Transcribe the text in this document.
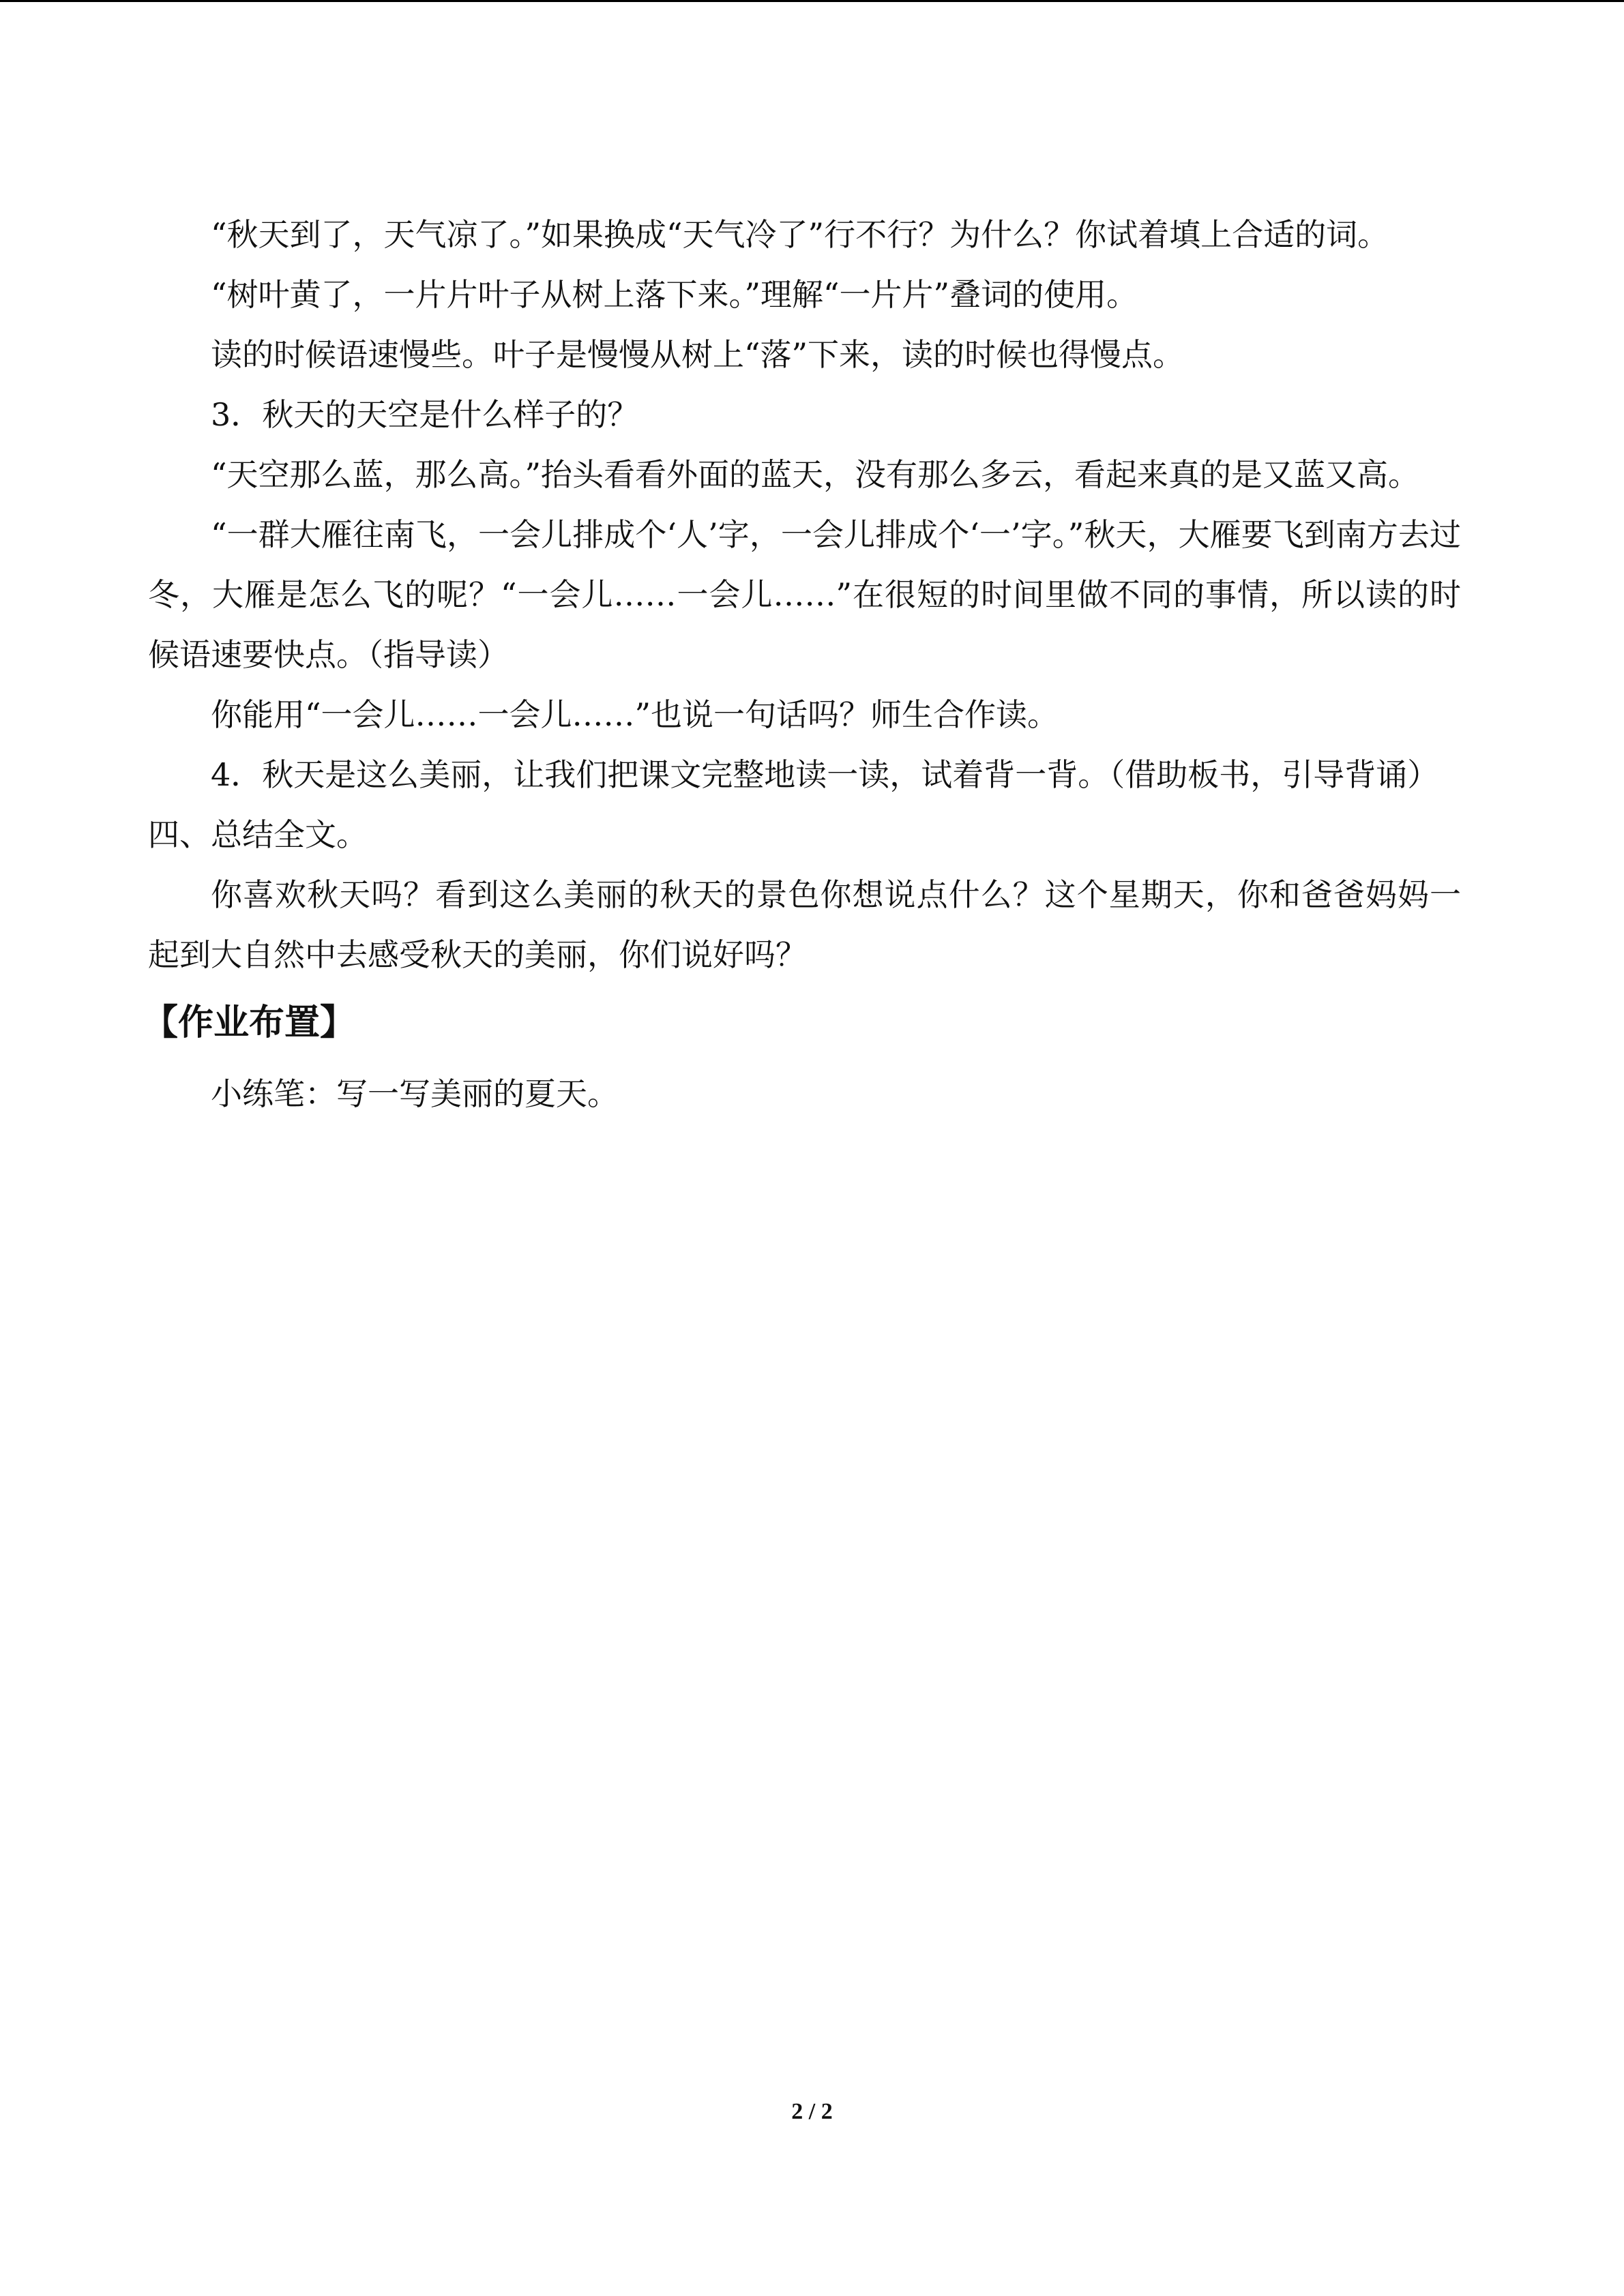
“秋天到了，天气凉了。”如果换成“天气冷了”行不行？为什么？你试着填上合适的词。

“树叶黄了，一片片叶子从树上落下来。”理解“一片片”叠词的使用。

读的时候语速慢些。叶子是慢慢从树上“落”下来，读的时候也得慢点。

3．秋天的天空是什么样子的？

“天空那么蓝，那么高。”抬头看看外面的蓝天，没有那么多云，看起来真的是又蓝又高。

“一群大雁往南飞，一会儿排成个‘人’字，一会儿排成个‘一’字。”秋天，大雁要飞到南方去过冬，大雁是怎么飞的呢？“一会儿……一会儿……”在很短的时间里做不同的事情，所以读的时候语速要快点。（指导读）

你能用“一会儿……一会儿……”也说一句话吗？师生合作读。

4．秋天是这么美丽，让我们把课文完整地读一读，试着背一背。（借助板书，引导背诵）

四、总结全文。

你喜欢秋天吗？看到这么美丽的秋天的景色你想说点什么？这个星期天，你和爸爸妈妈一起到大自然中去感受秋天的美丽，你们说好吗？

【作业布置】

小练笔：写一写美丽的夏天。

2 / 2
